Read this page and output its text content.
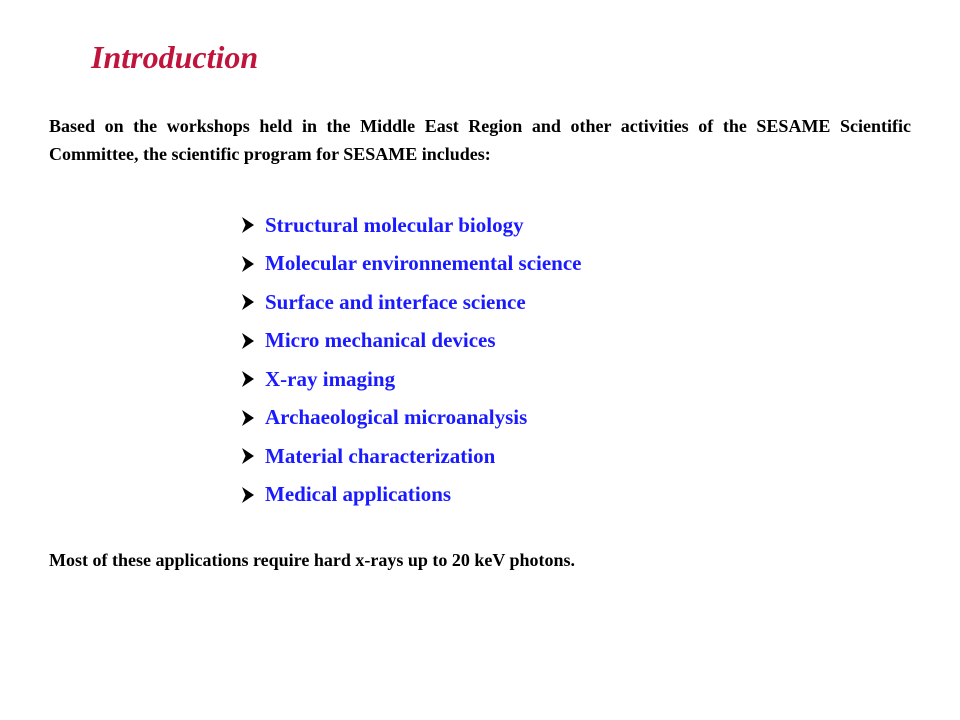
Introduction

Based on the workshops held in the Middle East Region and other activities of the SESAME Scientific Committee, the scientific program for SESAME includes:

Structural molecular biology
Molecular environnemental science
Surface and interface science
Micro mechanical devices
X-ray imaging
Archaeological microanalysis
Material characterization
Medical applications

Most of these applications require hard x-rays up to 20 keV photons.
